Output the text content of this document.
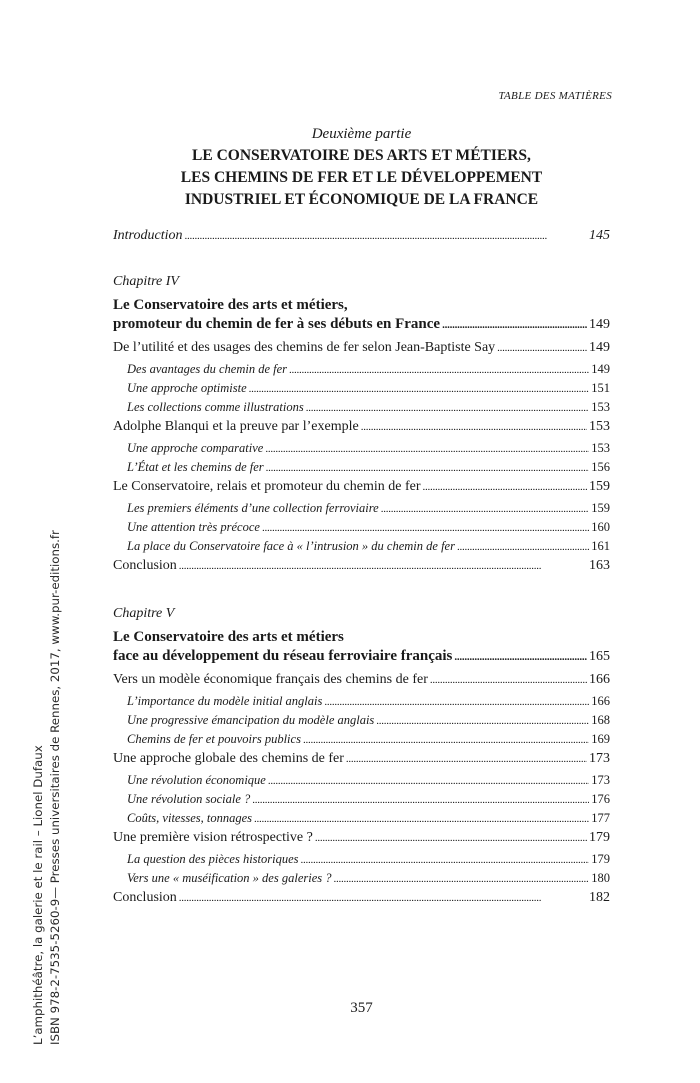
TABLE DES MATIÈRES
Deuxième partie
LE CONSERVATOIRE DES ARTS ET MÉTIERS,
LES CHEMINS DE FER ET LE DÉVELOPPEMENT
INDUSTRIEL ET ÉCONOMIQUE DE LA FRANCE
Introduction . . .	145
Chapitre IV
Le Conservatoire des arts et métiers,
promoteur du chemin de fer à ses débuts en France . . .	149
De l’utilité et des usages des chemins de fer selon Jean-Baptiste Say . . .	149
Des avantages du chemin de fer . . .	149
Une approche optimiste . . .	151
Les collections comme illustrations . . .	153
Adolphe Blanqui et la preuve par l’exemple . . .	153
Une approche comparative . . .	153
L’État et les chemins de fer . . .	156
Le Conservatoire, relais et promoteur du chemin de fer . . .	159
Les premiers éléments d’une collection ferroviaire . . .	159
Une attention très précoce . . .	160
La place du Conservatoire face à « l’intrusion » du chemin de fer . . .	161
Conclusion . . .	163
Chapitre V
Le Conservatoire des arts et métiers
face au développement du réseau ferroviaire français . . .	165
Vers un modèle économique français des chemins de fer . . .	166
L’importance du modèle initial anglais . . .	166
Une progressive émancipation du modèle anglais . . .	168
Chemins de fer et pouvoirs publics . . .	169
Une approche globale des chemins de fer . . .	173
Une révolution économique . . .	173
Une révolution sociale ? . . .	176
Coûts, vitesses, tonnages . . .	177
Une première vision rétrospective ? . . .	179
La question des pièces historiques . . .	179
Vers une « muséification » des galeries ? . . .	180
Conclusion . . .	182
357
L’amphithéâtre, la galerie et le rail – Lionel Dufaux ISBN 978-2-7535-5260-9— Presses universitaires de Rennes, 2017, www.pur-editions.fr
